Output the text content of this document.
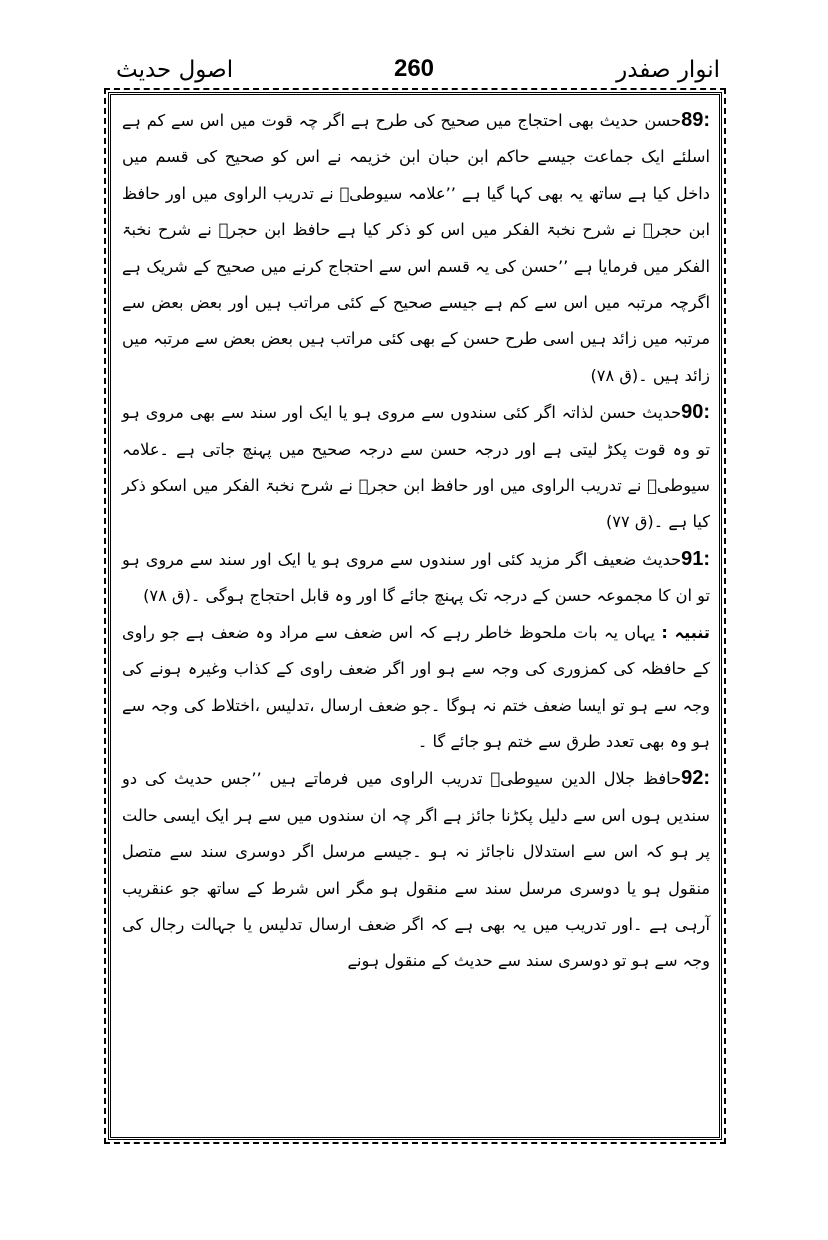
انوار صفدر
260
اصول حدیث

89:حسن حدیث بھی احتجاج میں صحیح کی طرح ہے اگر چہ قوت میں اس سے کم ہے اسلئے ایک جماعت جیسے حاکم ابن حبان ابن خزیمہ نے اس کو صحیح کی قسم میں داخل کیا ہے ساتھ یہ بھی کہا گیا ہے ’’علامہ سیوطیؒ نے تدریب الراوی میں اور حافظ ابن حجرؒ نے شرح نخبۃ الفکر میں اس کو ذکر کیا ہے حافظ ابن حجرؒ نے شرح نخبۃ الفکر میں فرمایا ہے ’’حسن کی یہ قسم اس سے احتجاج کرنے میں صحیح کے شریک ہے اگرچہ مرتبہ میں اس سے کم ہے جیسے صحیح کے کئی مراتب ہیں اور بعض بعض سے مرتبہ میں زائد ہیں اسی طرح حسن کے بھی کئی مراتب ہیں بعض بعض سے مرتبہ میں زائد ہیں ۔(ق ۷۸)

90:حدیث حسن لذاتہ اگر کئی سندوں سے مروی ہو یا ایک اور سند سے بھی مروی ہو تو وہ قوت پکڑ لیتی ہے اور درجہ حسن سے درجہ صحیح میں پہنچ جاتی ہے ۔علامہ سیوطیؒ نے تدریب الراوی میں اور حافظ ابن حجرؒ نے شرح نخبۃ الفکر میں اسکو ذکر کیا ہے ۔(ق ۷۷)

91:حدیث ضعیف اگر مزید کئی اور سندوں سے مروی ہو یا ایک اور سند سے مروی ہو تو ان کا مجموعہ حسن کے درجہ تک پہنچ جائے گا اور وہ قابل احتجاج ہوگی ۔(ق ۷۸)

تنبیہ : یہاں یہ بات ملحوظ خاطر رہے کہ اس ضعف سے مراد وہ ضعف ہے جو راوی کے حافظہ کی کمزوری کی وجہ سے ہو اور اگر ضعف راوی کے کذاب وغیرہ ہونے کی وجہ سے ہو تو ایسا ضعف ختم نہ ہوگا ۔جو ضعف ارسال ،تدلیس ،اختلاط کی وجہ سے ہو وہ بھی تعدد طرق سے ختم ہو جائے گا ۔

92:حافظ جلال الدین سیوطیؒ تدریب الراوی میں فرماتے ہیں ’’جس حدیث کی دو سندیں ہوں اس سے دلیل پکڑنا جائز ہے اگر چہ ان سندوں میں سے ہر ایک ایسی حالت پر ہو کہ اس سے استدلال ناجائز نہ ہو ۔جیسے مرسل اگر دوسری سند سے متصل منقول ہو یا دوسری مرسل سند سے منقول ہو مگر اس شرط کے ساتھ جو عنقریب آرہی ہے ۔اور تدریب میں یہ بھی ہے کہ اگر ضعف ارسال تدلیس یا جہالت رجال کی وجہ سے ہو تو دوسری سند سے حدیث کے منقول ہونے
